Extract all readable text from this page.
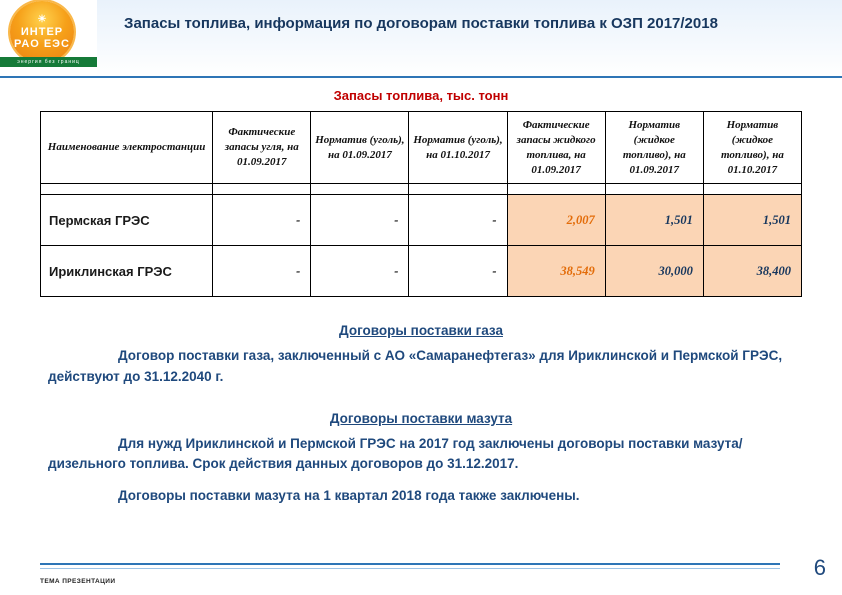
☀
ИНТЕР
РАО ЕЭС
энергия без границ
Запасы топлива, информация по договорам поставки топлива к ОЗП 2017/2018
Запасы топлива, тыс. тонн
Наименование электростанции	Фактические запасы угля, на 01.09.2017	Норматив (уголь), на 01.09.2017	Норматив (уголь), на 01.10.2017	Фактические запасы жидкого топлива, на 01.09.2017	Норматив (жидкое топливо), на 01.09.2017	Норматив (жидкое топливо), на 01.10.2017

Пермская ГРЭС	-	-	-	2,007	1,501	1,501
Ириклинская ГРЭС	-	-	-	38,549	30,000	38,400
Договоры поставки газа
Договор поставки газа, заключенный с АО «Самаранефтегаз» для Ириклинской и Пермской ГРЭС, действуют до 31.12.2040 г.
Договоры поставки мазута
Для нужд Ириклинской и Пермской ГРЭС на 2017 год заключены договоры поставки мазута/дизельного топлива. Срок действия данных договоров до 31.12.2017.
Договоры поставки мазута на 1 квартал 2018 года также заключены.
ТЕМА ПРЕЗЕНТАЦИИ
6
